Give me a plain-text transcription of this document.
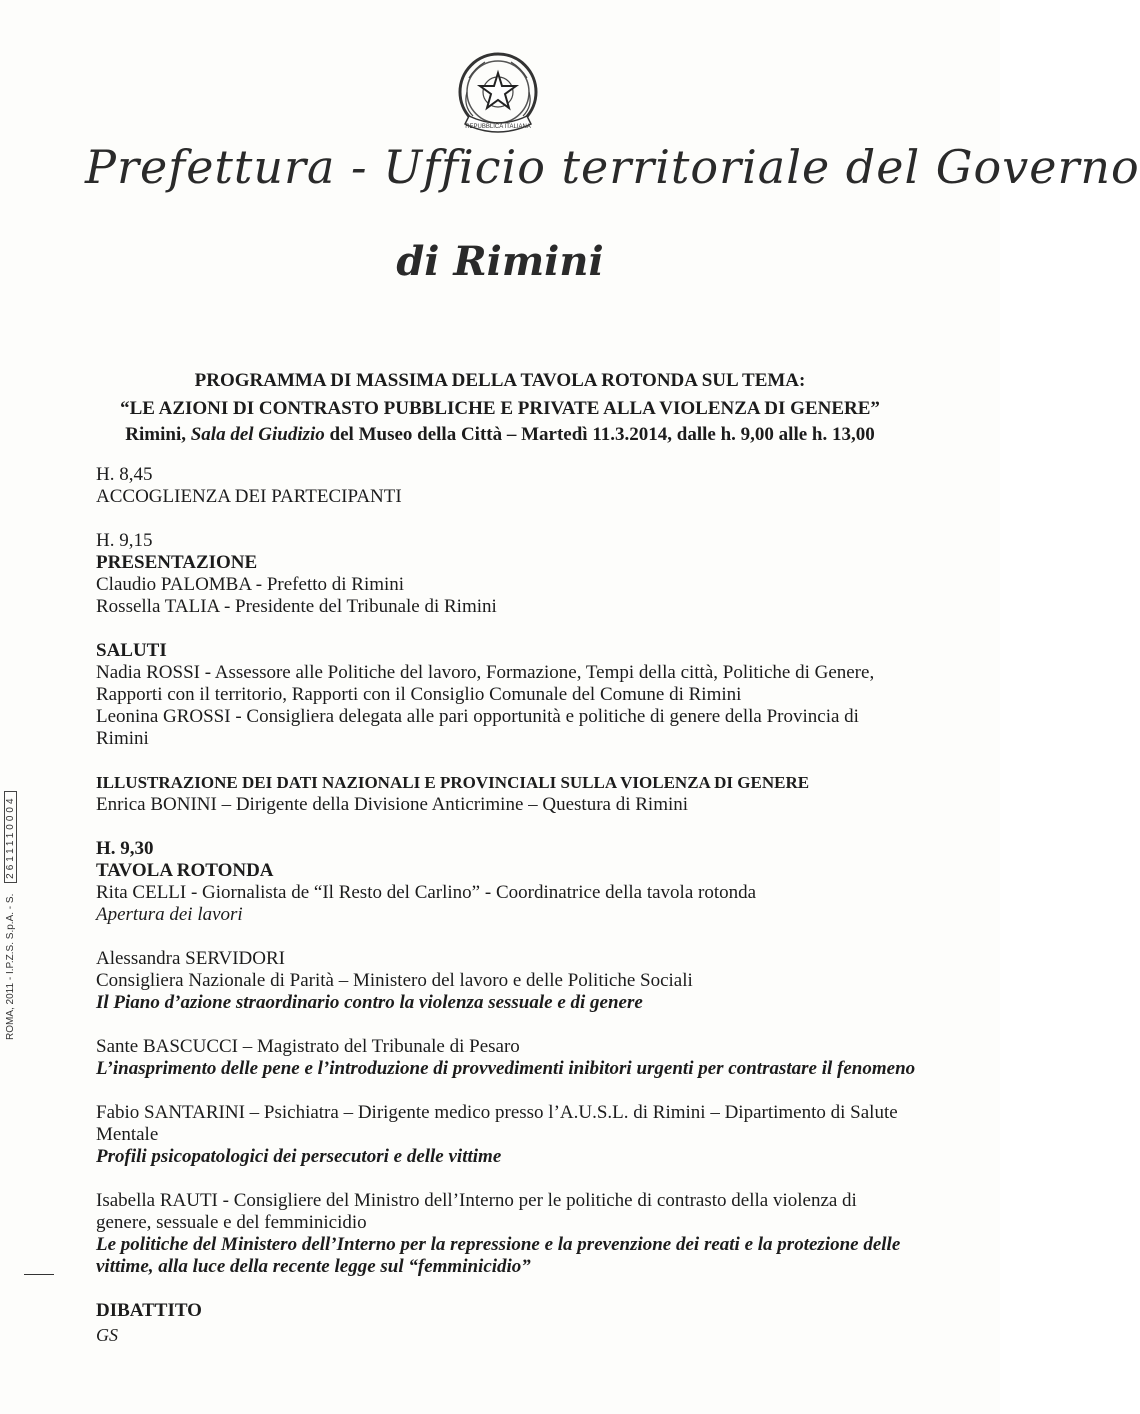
REPUBBLICA ITALIANA
Prefettura - Ufficio territoriale del Governo
di Rimini
PROGRAMMA DI MASSIMA DELLA TAVOLA ROTONDA SUL TEMA:
“LE AZIONI DI CONTRASTO PUBBLICHE E PRIVATE ALLA VIOLENZA DI GENERE”
Rimini, Sala del Giudizio del Museo della Città – Martedì 11.3.2014, dalle h. 9,00 alle h. 13,00
H. 8,45
ACCOGLIENZA DEI PARTECIPANTI
H. 9,15
PRESENTAZIONE
Claudio PALOMBA - Prefetto di Rimini
Rossella TALIA - Presidente del Tribunale di Rimini
SALUTI
Nadia ROSSI - Assessore alle Politiche del lavoro, Formazione, Tempi della città, Politiche di Genere, Rapporti con il territorio, Rapporti con il Consiglio Comunale del Comune di Rimini
Leonina GROSSI - Consigliera delegata alle pari opportunità e politiche di genere della Provincia di Rimini
ILLUSTRAZIONE DEI DATI NAZIONALI E PROVINCIALI SULLA VIOLENZA DI GENERE
Enrica BONINI – Dirigente della Divisione Anticrimine – Questura di Rimini
H. 9,30
TAVOLA ROTONDA
Rita CELLI - Giornalista de “Il Resto del Carlino” - Coordinatrice della tavola rotonda
Apertura dei lavori
Alessandra SERVIDORI
Consigliera Nazionale di Parità – Ministero del lavoro e delle Politiche Sociali
Il Piano d’azione straordinario contro la violenza sessuale e di genere
Sante BASCUCCI – Magistrato del Tribunale di Pesaro
L’inasprimento delle pene e l’introduzione di provvedimenti inibitori urgenti per contrastare il fenomeno
Fabio SANTARINI – Psichiatra – Dirigente medico presso l’A.U.S.L. di Rimini – Dipartimento di Salute Mentale
Profili psicopatologici dei persecutori e delle vittime
Isabella RAUTI - Consigliere del Ministro dell’Interno per le politiche di contrasto della violenza di genere, sessuale e del femminicidio
Le politiche del Ministero dell’Interno per la repressione e la prevenzione dei reati e la protezione delle vittime, alla luce della recente legge sul “femminicidio”
DIBATTITO
GS
ROMA, 2011 - I.P.Z.S. S.p.A. - S. 2611110004
